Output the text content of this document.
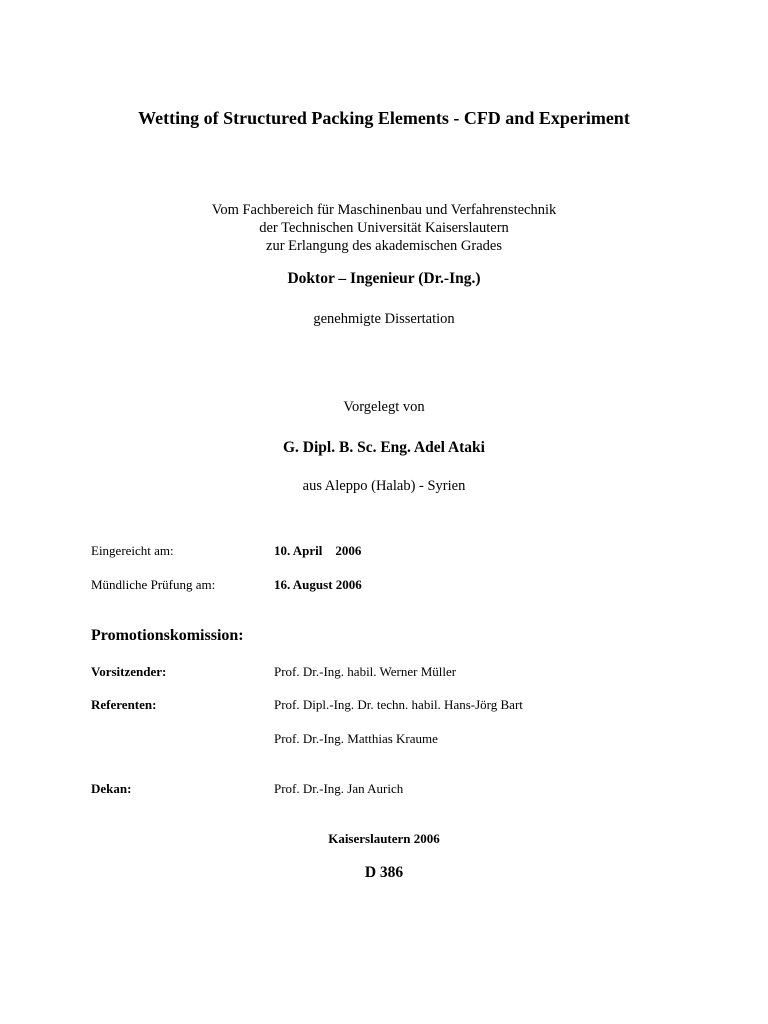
Wetting of Structured Packing Elements - CFD and Experiment
Vom Fachbereich für Maschinenbau und Verfahrenstechnik
der Technischen Universität Kaiserslautern
zur Erlangung des akademischen Grades
Doktor – Ingenieur (Dr.-Ing.)
genehmigte Dissertation
Vorgelegt von
G. Dipl. B. Sc. Eng. Adel Ataki
aus Aleppo (Halab) - Syrien
Eingereicht am:	10. April    2006
Mündliche Prüfung am:	16. August 2006
Promotionskomission:
Vorsitzender:	Prof. Dr.-Ing. habil. Werner Müller
Referenten:	Prof. Dipl.-Ing. Dr. techn. habil. Hans-Jörg Bart
Prof. Dr.-Ing. Matthias Kraume
Dekan:	Prof. Dr.-Ing. Jan Aurich
Kaiserslautern 2006
D 386
